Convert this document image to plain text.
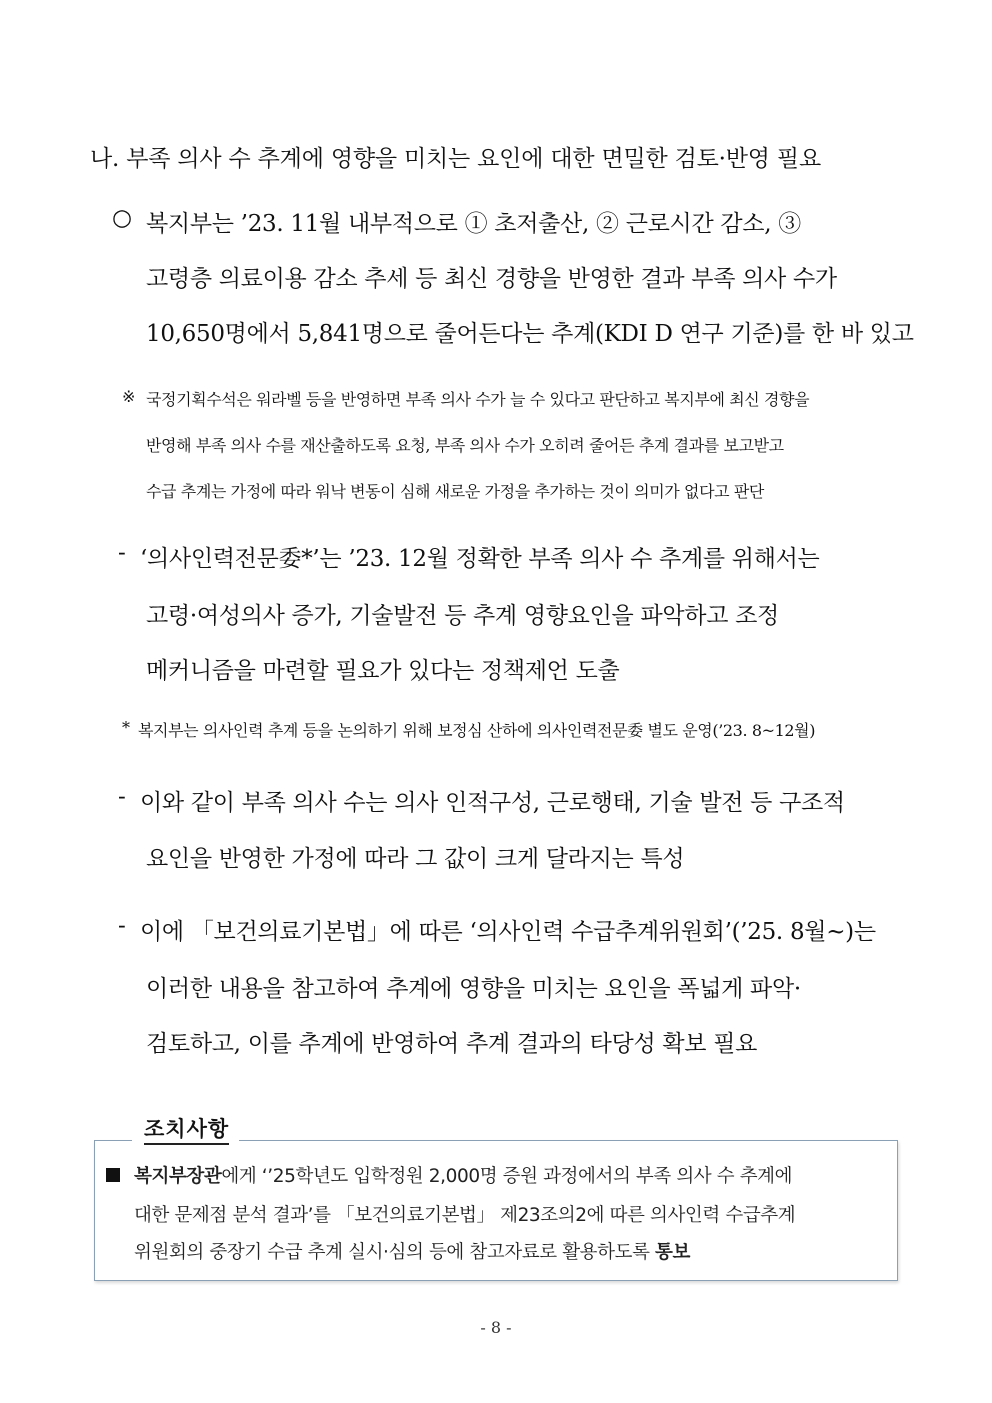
나. 부족 의사 수 추계에 영향을 미치는 요인에 대한 면밀한 검토·반영 필요
○ 복지부는 ’23. 11월 내부적으로 ① 초저출산, ② 근로시간 감소, ③
고령층 의료이용 감소 추세 등 최신 경향을 반영한 결과 부족 의사 수가
10,650명에서 5,841명으로 줄어든다는 추계(KDI D 연구 기준)를 한 바 있고
※ 국정기획수석은 워라벨 등을 반영하면 부족 의사 수가 늘 수 있다고 판단하고 복지부에 최신 경향을
반영해 부족 의사 수를 재산출하도록 요청, 부족 의사 수가 오히려 줄어든 추계 결과를 보고받고
수급 추계는 가정에 따라 워낙 변동이 심해 새로운 가정을 추가하는 것이 의미가 없다고 판단
- ‘의사인력전문委*’는 ’23. 12월 정확한 부족 의사 수 추계를 위해서는
고령·여성의사 증가, 기술발전 등 추계 영향요인을 파악하고 조정
메커니즘을 마련할 필요가 있다는 정책제언 도출
* 복지부는 의사인력 추계 등을 논의하기 위해 보정심 산하에 의사인력전문委 별도 운영(’23. 8~12월)
- 이와 같이 부족 의사 수는 의사 인적구성, 근로행태, 기술 발전 등 구조적
요인을 반영한 가정에 따라 그 값이 크게 달라지는 특성
- 이에 「보건의료기본법」에 따른 ‘의사인력 수급추계위원회’(’25. 8월~)는
이러한 내용을 참고하여 추계에 영향을 미치는 요인을 폭넓게 파악·
검토하고, 이를 추계에 반영하여 추계 결과의 타당성 확보 필요
조치사항
복지부장관에게 ‘’25학년도 입학정원 2,000명 증원 과정에서의 부족 의사 수 추계에
대한 문제점 분석 결과’를 「보건의료기본법」 제23조의2에 따른 의사인력 수급추계
위원회의 중장기 수급 추계 실시·심의 등에 참고자료로 활용하도록 통보
- 8 -
